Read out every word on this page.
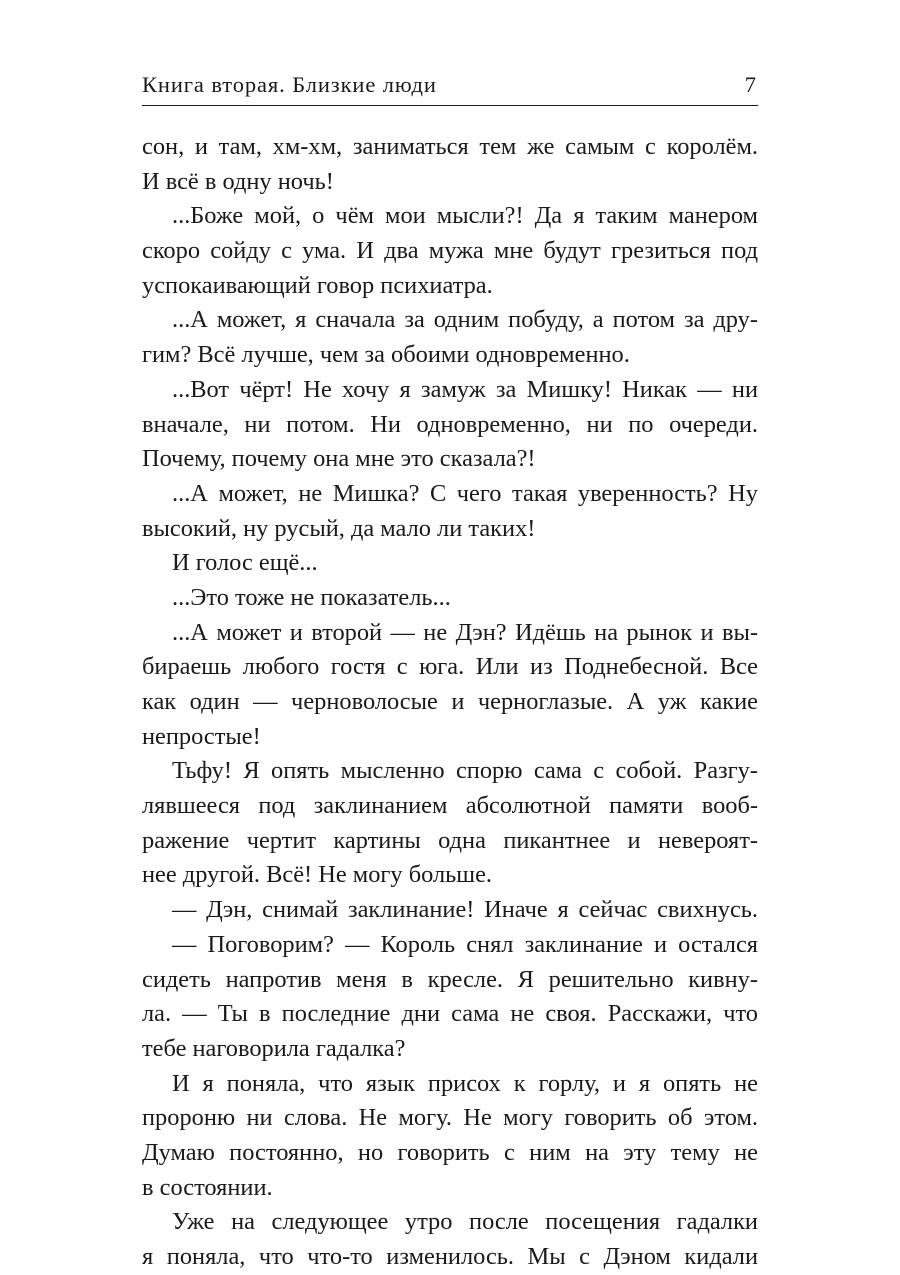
Книга вторая. Близкие люди	7
сон, и там, хм-хм, заниматься тем же самым с королём.
И всё в одну ночь!
...Боже мой, о чём мои мысли?! Да я таким манером
скоро сойду с ума. И два мужа мне будут грезиться под
успокаивающий говор психиатра.
...А может, я сначала за одним побуду, а потом за дру-
гим? Всё лучше, чем за обоими одновременно.
...Вот чёрт! Не хочу я замуж за Мишку! Никак — ни
вначале, ни потом. Ни одновременно, ни по очереди.
Почему, почему она мне это сказала?!
...А может, не Мишка? С чего такая уверенность? Ну
высокий, ну русый, да мало ли таких!
И голос ещё...
...Это тоже не показатель...
...А может и второй — не Дэн? Идёшь на рынок и вы-
бираешь любого гостя с юга. Или из Поднебесной. Все
как один — черноволосые и черноглазые. А уж какие
непростые!
Тьфу! Я опять мысленно спорю сама с собой. Разгу-
лявшееся под заклинанием абсолютной памяти вооб-
ражение чертит картины одна пикантнее и невероят-
нее другой. Всё! Не могу больше.
— Дэн, снимай заклинание! Иначе я сейчас свихнусь.
— Поговорим? — Король снял заклинание и остался
сидеть напротив меня в кресле. Я решительно кивну-
ла. — Ты в последние дни сама не своя. Расскажи, что
тебе наговорила гадалка?
И я поняла, что язык присох к горлу, и я опять не
пророню ни слова. Не могу. Не могу говорить об этом.
Думаю постоянно, но говорить с ним на эту тему не
в состоянии.
Уже на следующее утро после посещения гадалки
я поняла, что что-то изменилось. Мы с Дэном кидали
